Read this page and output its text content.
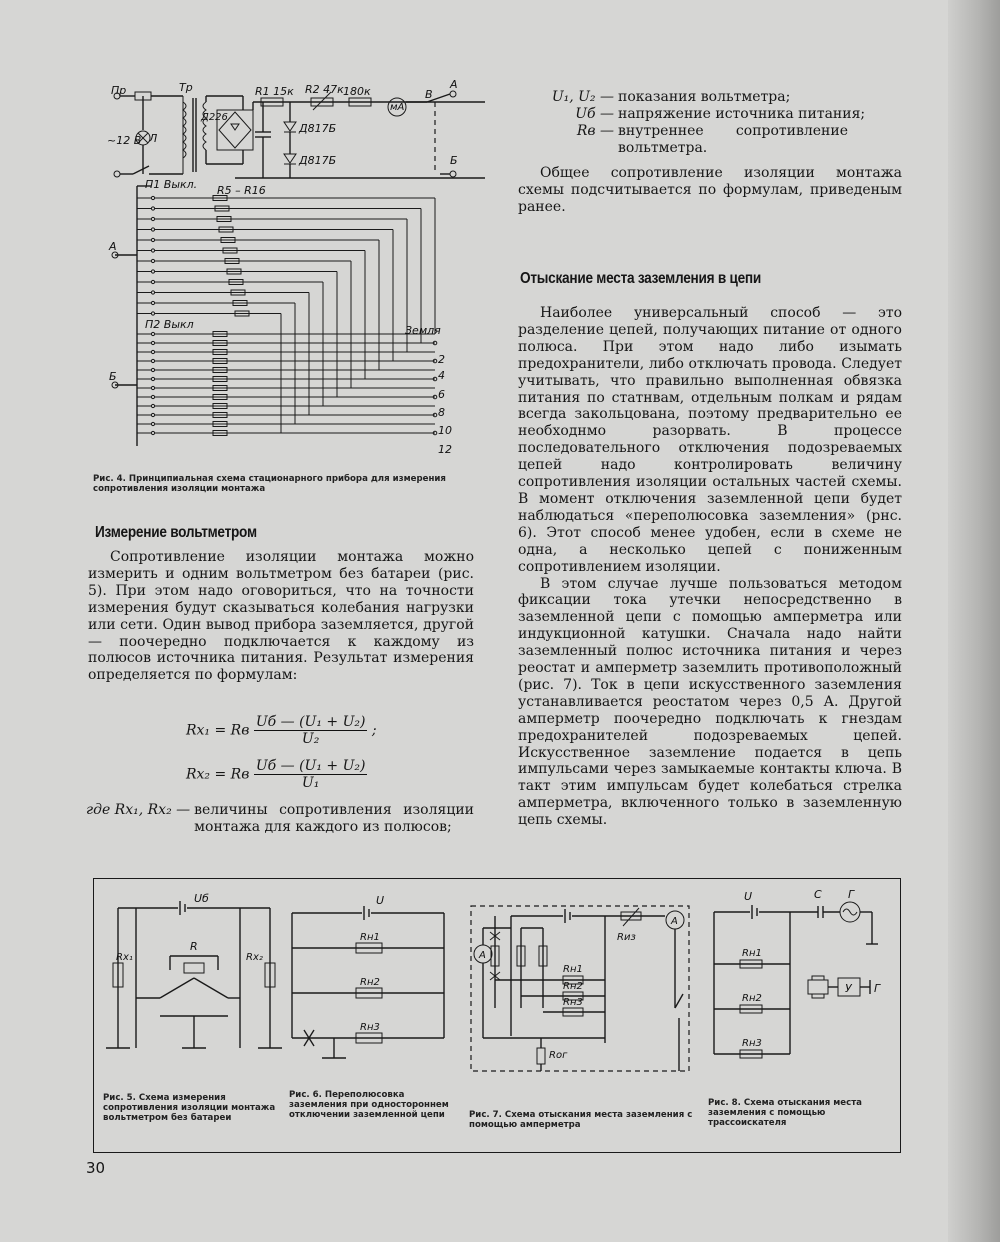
Пр	Тр
Л
~12 В
Д226
R1 15к R2 47к 180к
мА
Д817Б
Д817Б
В
А
Б
П1 Выкл. R5 – R16
А
П2 Выкл	Земля
Б
2
4
6
8
10
12
Рис. 4. Принципиальная схема стационарного прибора для измерения сопротивления изоляции монтажа
U₁, U₂ — показания вольтметра;
Uб — напряжение источника питания;
Rв — внутреннее сопротивление вольтметра.

Общее сопротивление изоляции монтажа схемы подсчитывается по формулам, приведеным ранее.

Отыскание места заземления в цепи

Наиболее универсальный способ — это разделение цепей, получающих питание от одного полюса. При этом надо либо изымать предохранители, либо отключать провода. Следует учитывать, что правильно выполненная обвязка питания по статнвам, отдельным полкам и рядам всегда закольцована, поэтому предварительно ее необходнмо разорвать. В процессе последовательного отключения подозреваемых цепей надо контролировать величину сопротивления изоляции остальных частей схемы. В момент отключения заземленной цепи будет наблюдаться «переполюсовка заземления» (рнс. 6). Этот способ менее удобен, если в схеме не одна, а несколько цепей с пониженным сопротивлением изоляции.

В этом случае лучше пользоваться методом фиксации тока утечки непосредственно в заземленной цепи с помощью амперметра или индукционной катушки. Сначала надо найти заземленный полюс источника питания и через реостат и амперметр заземлить противоположный (рис. 7). Ток в цепи искусственного заземления устанавливается реостатом через 0,5 А. Другой амперметр поочередно подключать к гнездам предохранителей подозреваемых цепей. Искусственное заземление подается в цепь импульсами через замыкаемые контакты ключа. В такт этим импульсам будет колебаться стрелка амперметра, включенного только в заземленную цепь схемы.

Измерение вольтметром

Сопротивление изоляции монтажа можно измерить и одним вольтметром без батареи (рис. 5). При этом надо оговориться, что на точности измерения будут сказываться колебания нагрузки или сети. Один вывод прибора заземляется, другой — поочередно подключается к каждому из полюсов источника питания. Результат измерения определяется по формулам:

Rx₁ = Rв $\frac{\text{Uб — (U₁ + U₂)}}{\text{U₂}}$ ;
Rx₂ = Rв $\frac{\text{Uб — (U₁ + U₂)}}{\text{U₁}}$
где Rx₁, Rx₂ — величины сопротивления изоляции монтажа для каждого из полюсов;
Uб
R
Rx₁	Rx₂
U
Rн1
Rн2
Rн3
A
A
Rиз
Rн1
Rн2
Rн3
Rог
U	С Г
Rн1
Rн2
Rн3
У Г
Рис. 5. Схема измерения сопротивления изоляции монтажа вольтметром без батареи
Рис. 6. Переполюсовка заземления при одностороннем отключении заземленной цепи	Рис. 7. Схема отыскания места заземления с помощью амперметра
Рис. 8. Схема отыскания места заземления с помощью трассоискателя
30
